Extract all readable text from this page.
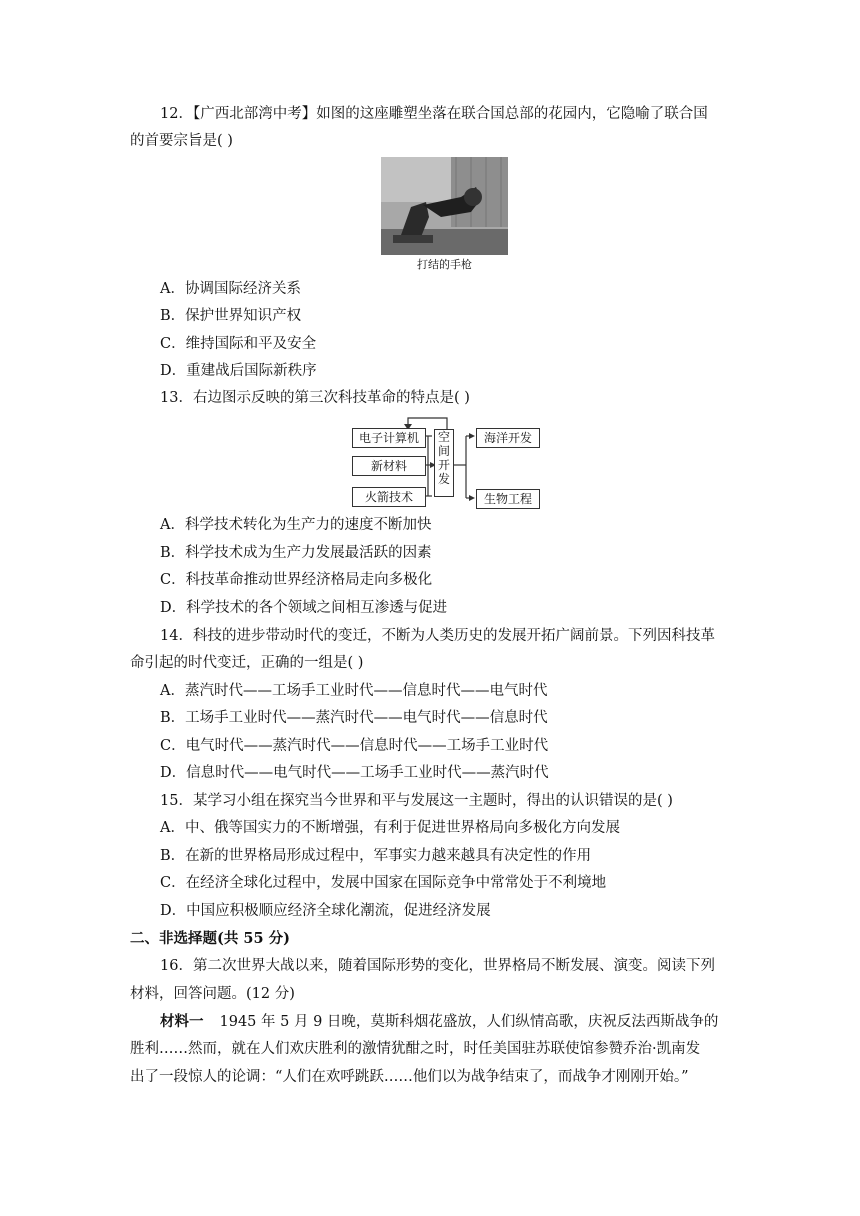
12．【广西北部湾中考】如图的这座雕塑坐落在联合国总部的花园内，它隐喻了联合国
的首要宗旨是( )
打结的手枪
A．协调国际经济关系
B．保护世界知识产权
C．维持国际和平及安全
D．重建战后国际新秩序
13．右边图示反映的第三次科技革命的特点是( )
电子计算机
新材料
火箭技术
空
间
开
发
海洋开发
生物工程
A．科学技术转化为生产力的速度不断加快
B．科学技术成为生产力发展最活跃的因素
C．科技革命推动世界经济格局走向多极化
D．科学技术的各个领域之间相互渗透与促进
14．科技的进步带动时代的变迁，不断为人类历史的发展开拓广阔前景。下列因科技革
命引起的时代变迁，正确的一组是( )
A．蒸汽时代——工场手工业时代——信息时代——电气时代
B．工场手工业时代——蒸汽时代——电气时代——信息时代
C．电气时代——蒸汽时代——信息时代——工场手工业时代
D．信息时代——电气时代——工场手工业时代——蒸汽时代
15．某学习小组在探究当今世界和平与发展这一主题时，得出的认识错误的是( )
A．中、俄等国实力的不断增强，有利于促进世界格局向多极化方向发展
B．在新的世界格局形成过程中，军事实力越来越具有决定性的作用
C．在经济全球化过程中，发展中国家在国际竞争中常常处于不利境地
D．中国应积极顺应经济全球化潮流，促进经济发展
二、非选择题(共 55 分)
16．第二次世界大战以来，随着国际形势的变化，世界格局不断发展、演变。阅读下列
材料，回答问题。(12 分)
材料一 1945 年 5 月 9 日晚，莫斯科烟花盛放，人们纵情高歌，庆祝反法西斯战争的
胜利……然而，就在人们欢庆胜利的激情犹酣之时，时任美国驻苏联使馆参赞乔治·凯南发
出了一段惊人的论调：“人们在欢呼跳跃……他们以为战争结束了，而战争才刚刚开始。”
